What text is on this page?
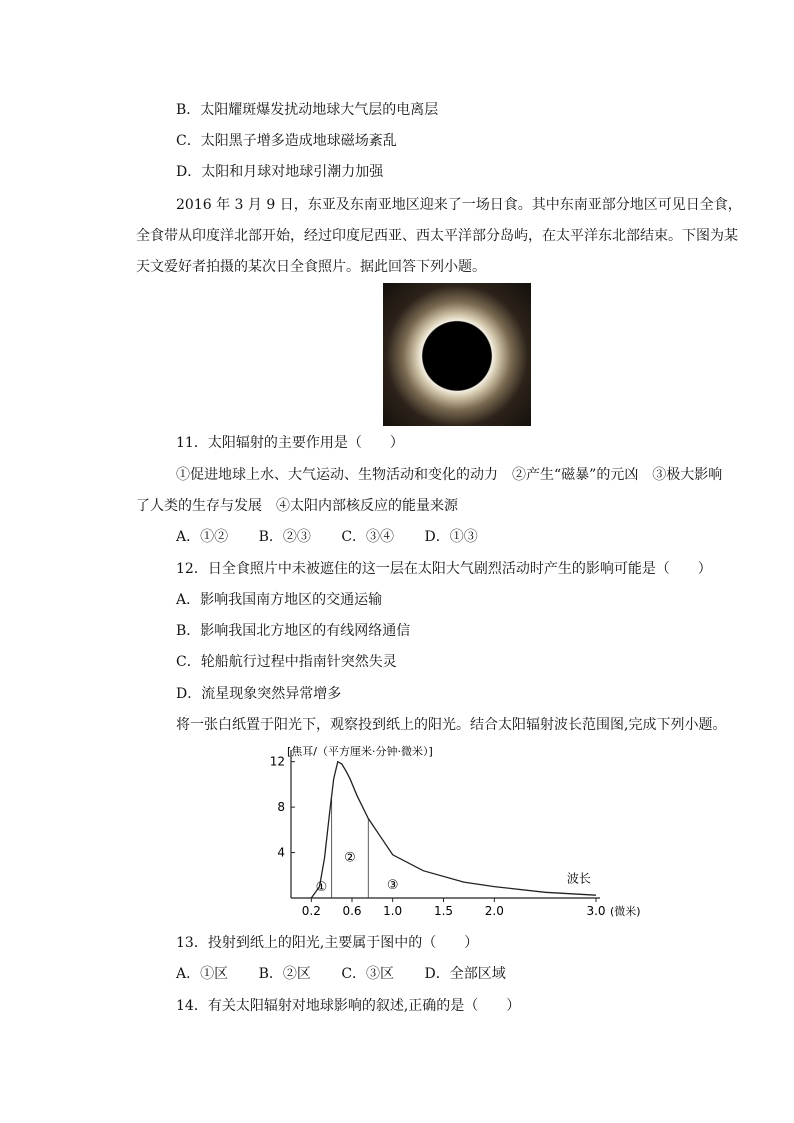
B．太阳耀斑爆发扰动地球大气层的电离层
C．太阳黑子增多造成地球磁场紊乱
D．太阳和月球对地球引潮力加强
2016 年 3 月 9 日，东亚及东南亚地区迎来了一场日食。其中东南亚部分地区可见日全食，
全食带从印度洋北部开始，经过印度尼西亚、西太平洋部分岛屿，在太平洋东北部结束。下图为某
天文爱好者拍摄的某次日全食照片。据此回答下列小题。
11．太阳辐射的主要作用是（　　）
①促进地球上水、大气运动、生物活动和变化的动力　②产生“磁暴”的元凶　③极大影响
了人类的生存与发展　④太阳内部核反应的能量来源
A．①② B．②③ C．③④ D．①③
12．日全食照片中未被遮住的这一层在太阳大气剧烈活动时产生的影响可能是（　　）
A．影响我国南方地区的交通运输
B．影响我国北方地区的有线网络通信
C．轮船航行过程中指南针突然失灵
D．流星现象突然异常增多
将一张白纸置于阳光下，观察投到纸上的阳光。结合太阳辐射波长范围图,完成下列小题。
4
8
12
0.2 0.6 1.0	1.5	2.0	3.0 (微米)
[焦耳/（平方厘米·分钟·微米）]
波长
①
②
③
13．投射到纸上的阳光,主要属于图中的（　　）
A．①区 B．②区 C．③区 D．全部区域
14．有关太阳辐射对地球影响的叙述,正确的是（　　）
